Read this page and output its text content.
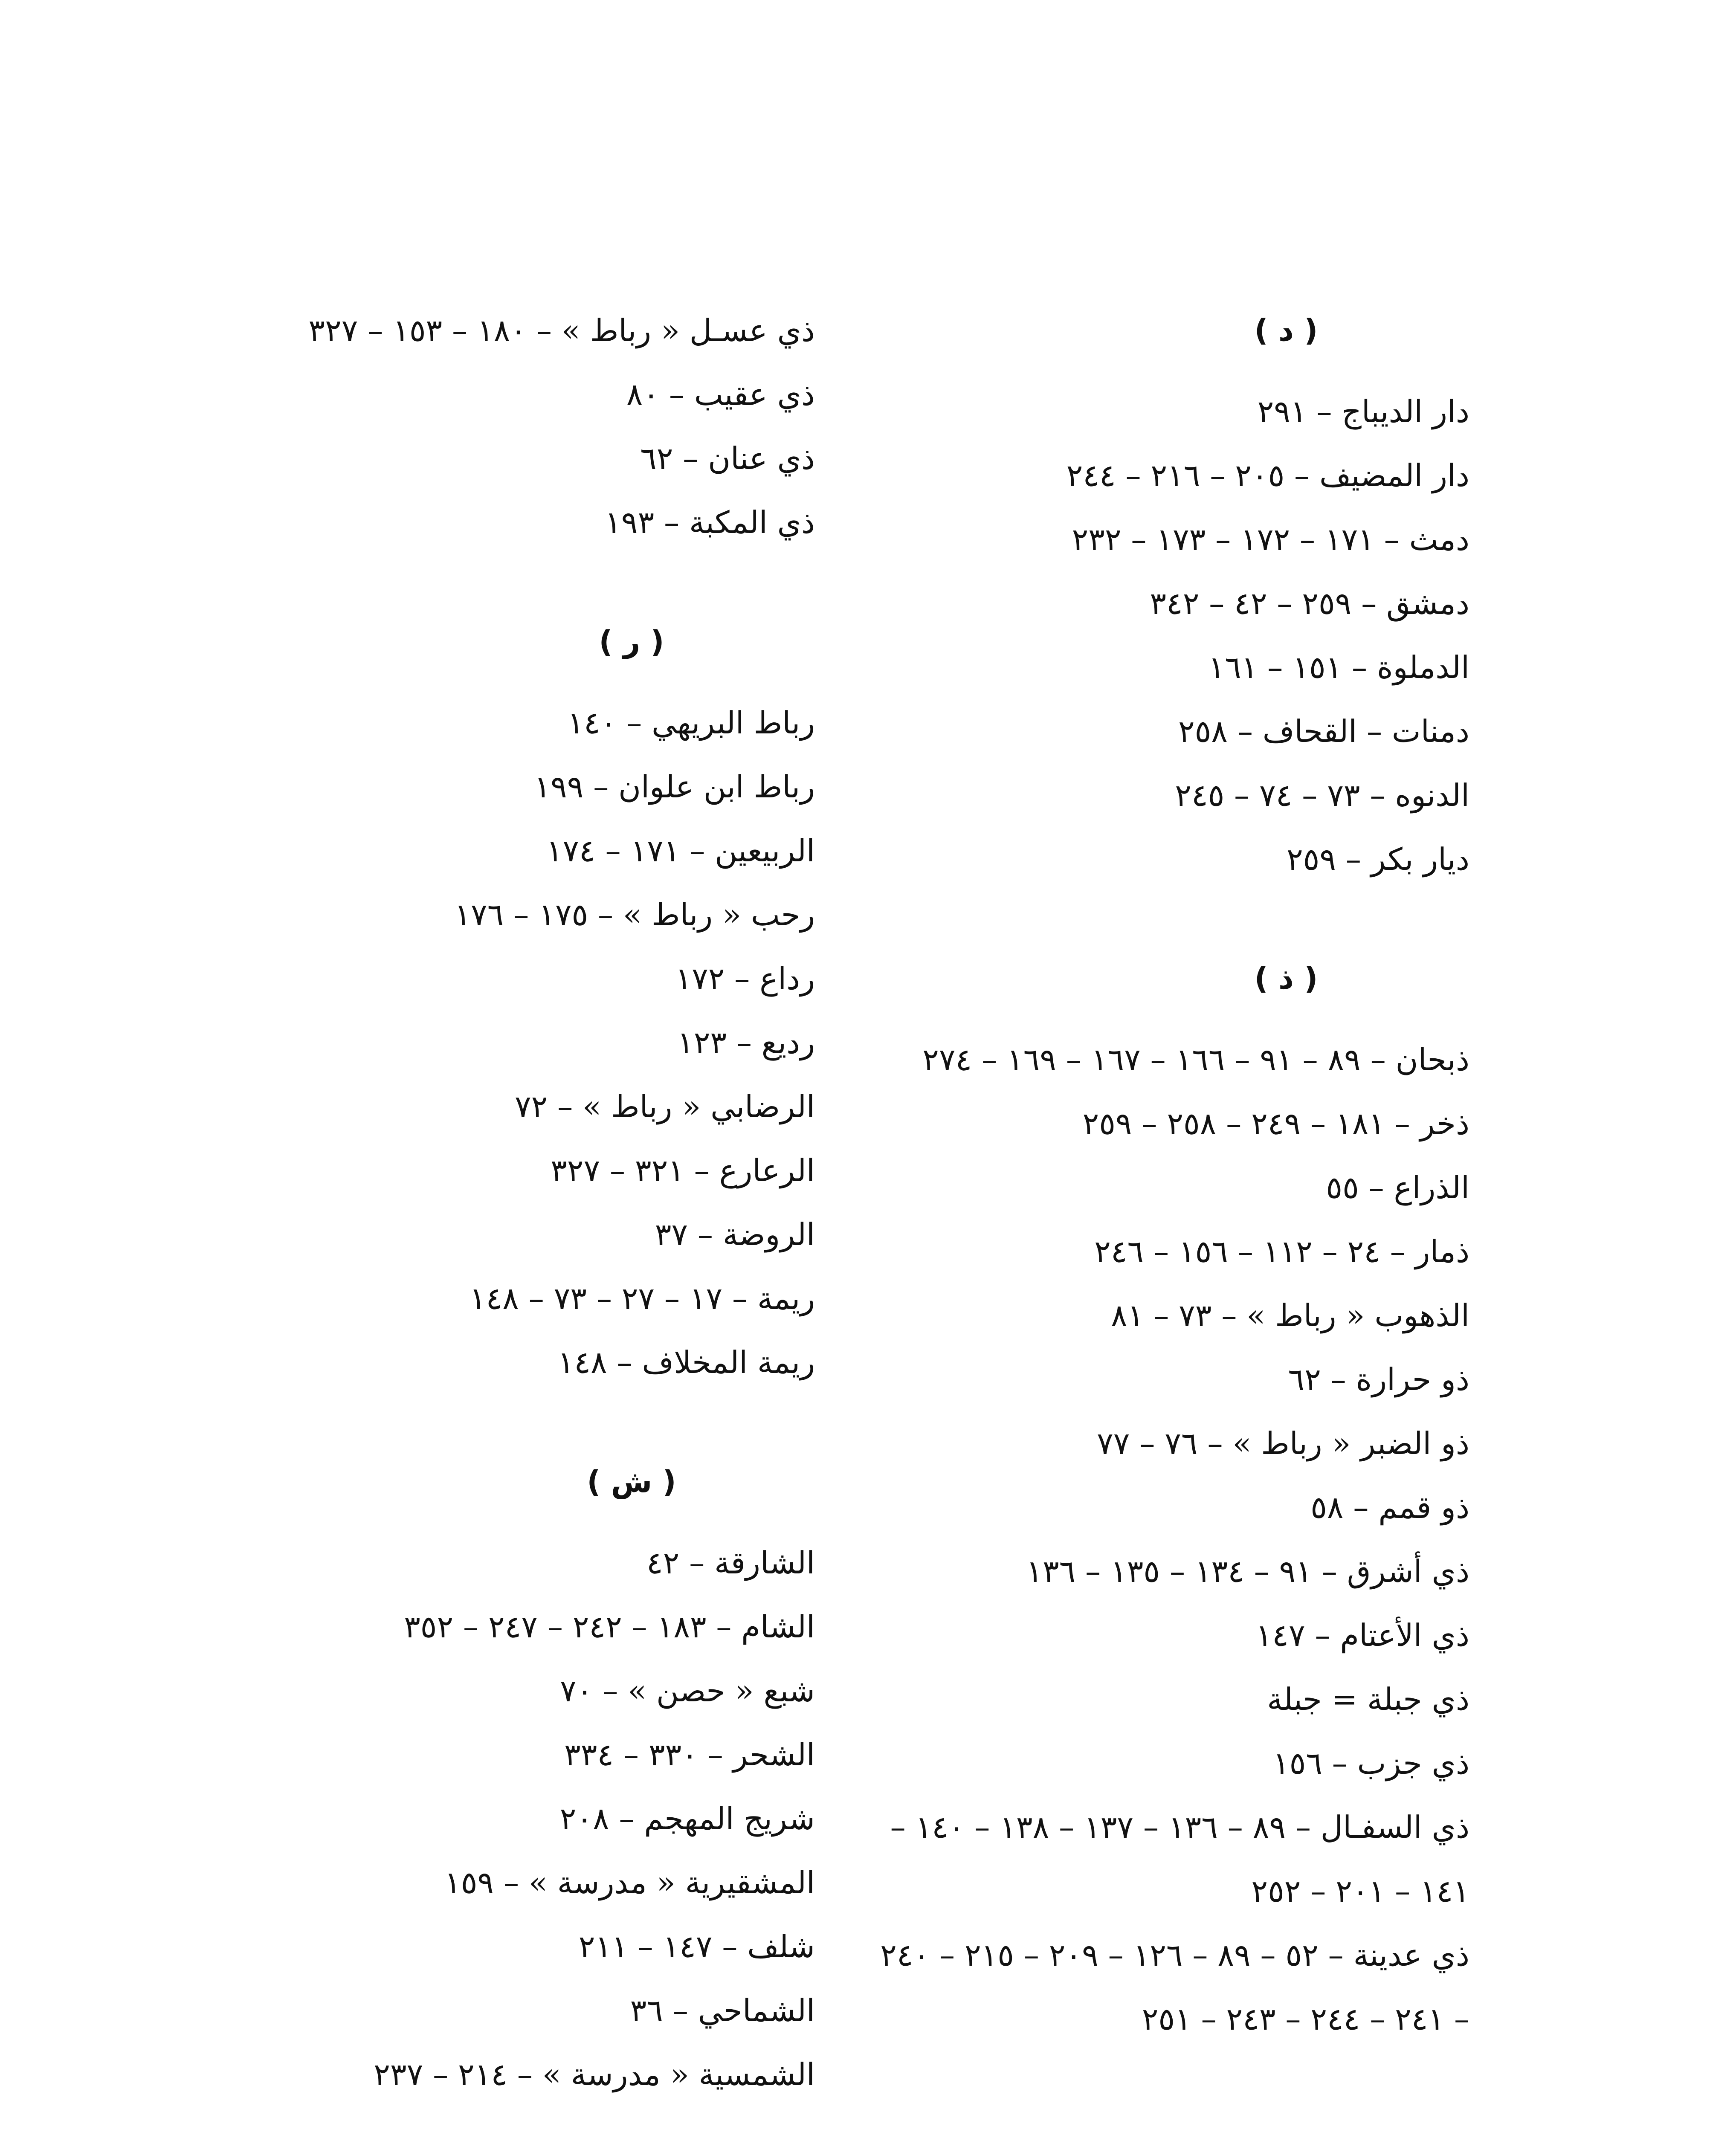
( د )
دار الديباج – ٢٩١
دار المضيف – ٢٠٥ – ٢١٦ – ٢٤٤
دمث – ١٧١ – ١٧٢ – ١٧٣ – ٢٣٢
دمشق – ٢٥٩ – ٤٢ – ٣٤٢
الدملوة – ١٥١ – ١٦١
دمنات – القحاف – ٢٥٨
الدنوه – ٧٣ – ٧٤ – ٢٤٥
ديار بكر – ٢٥٩
( ذ )
ذبحان – ٨٩ – ٩١ – ١٦٦ – ١٦٧ – ١٦٩ – ٢٧٤
ذخر – ١٨١ – ٢٤٩ – ٢٥٨ – ٢٥٩
الذراع – ٥٥
ذمار – ٢٤ – ١١٢ – ١٥٦ – ٢٤٦
الذهوب « رباط » – ٧٣ – ٨١
ذو حرارة – ٦٢
ذو الضبر « رباط » – ٧٦ – ٧٧
ذو قمم – ٥٨
ذي أشرق – ٩١ – ١٣٤ – ١٣٥ – ١٣٦
ذي الأعتام – ١٤٧
ذي جبلة = جبلة
ذي جزب – ١٥٦
ذي السفـال – ٨٩ – ١٣٦ – ١٣٧ – ١٣٨ – ١٤٠ – ١٤١ – ٢٠١ – ٢٥٢
ذي عدينة – ٥٢ – ٨٩ – ١٢٦ – ٢٠٩ – ٢١٥ – ٢٤٠ – ٢٤١ – ٢٤٤ – ٢٤٣ – ٢٥١
ذي عسـل « رباط » – ١٨٠ – ١٥٣ – ٣٢٧
ذي عقيب – ٨٠
ذي عنان – ٦٢
ذي المكبة – ١٩٣
( ر )
رباط البريهي – ١٤٠
رباط ابن علوان – ١٩٩
الربيعين – ١٧١ – ١٧٤
رحب « رباط » – ١٧٥ – ١٧٦
رداع – ١٧٢
رديع – ١٢٣
الرضابي « رباط » – ٧٢
الرعارع – ٣٢١ – ٣٢٧
الروضة – ٣٧
ريمة – ١٧ – ٢٧ – ٧٣ – ١٤٨
ريمة المخلاف – ١٤٨
( ش )
الشارقة – ٤٢
الشام – ١٨٣ – ٢٤٢ – ٢٤٧ – ٣٥٢
شبع « حصن » – ٧٠
الشحر – ٣٣٠ – ٣٣٤
شريج المهجم – ٢٠٨
المشقيرية « مدرسة » – ١٥٩
شلف – ١٤٧ – ٢١١
الشماحي – ٣٦
الشمسية « مدرسة » – ٢١٤ – ٢٣٧
